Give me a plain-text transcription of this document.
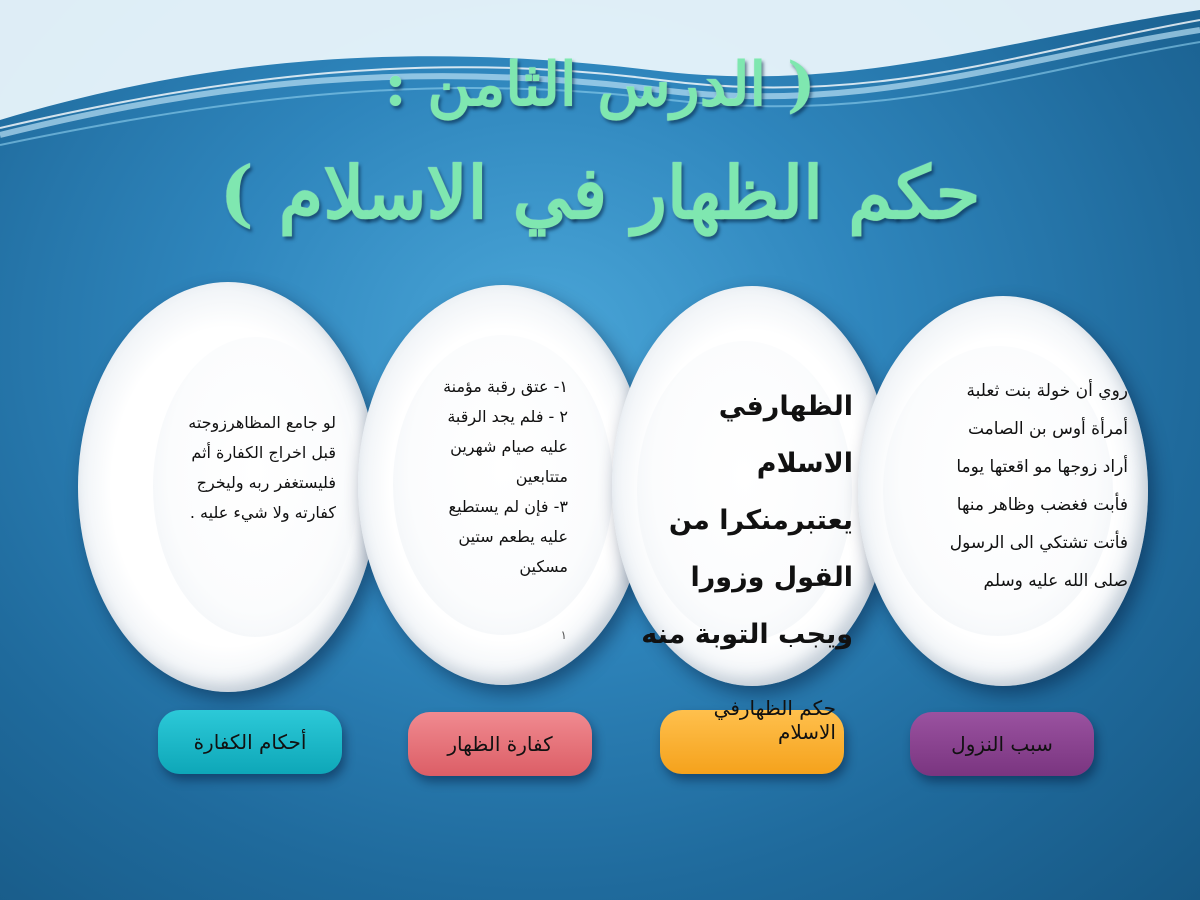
( الدرس الثامن :
حكم الظهار في الاسلام )
لو جامع المظاهرزوجته
قبل اخراج الكفارة أثم
فليستغفر ربه وليخرج
كفارته ولا شيء عليه .
١- عتق رقبة مؤمنة
٢ - فلم يجد الرقبة
عليه صيام شهرين
متتابعين
٣- فإن لم يستطيع
عليه يطعم ستين
مسكين
١
الظهارفي الاسلام
يعتبرمنكرا من
القول وزورا
ويجب التوبة منه
روي أن خولة بنت ثعلبة
أمرأة أوس بن الصامت
أراد زوجها مو اقعتها يوما
فأبت فغضب وظاهر منها
فأتت تشتكي الى الرسول
صلى الله عليه وسلم
أحكام الكفارة	كفارة الظهار
حكم الظهارفي الاسلام	سبب النزول
